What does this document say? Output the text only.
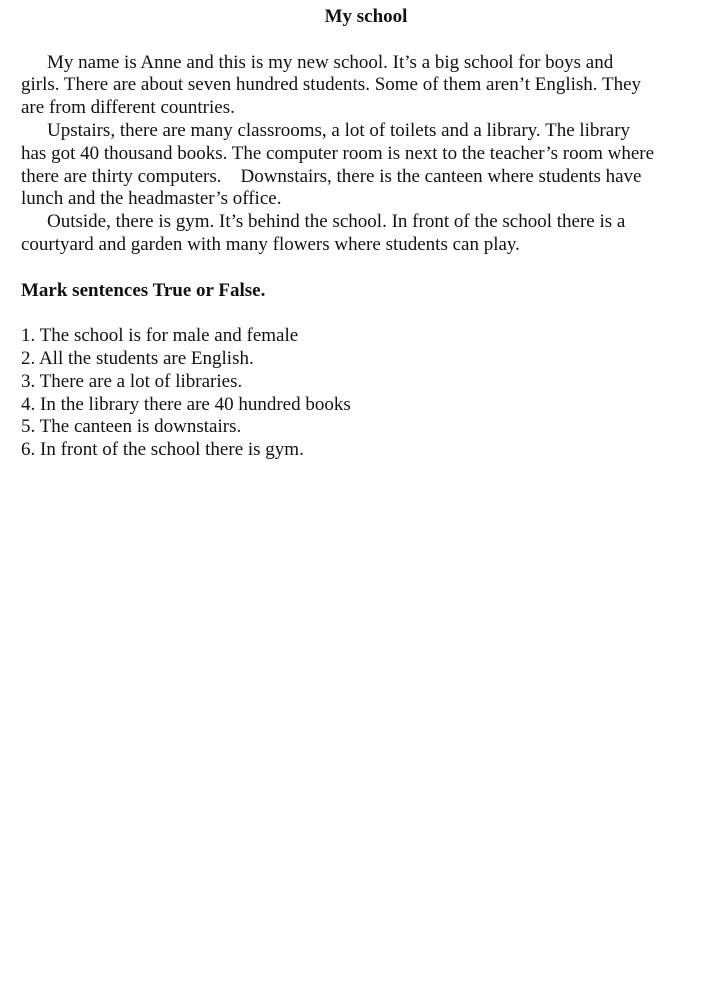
My school
My name is Anne and this is my new school. It’s a big school for boys and
girls. There are about seven hundred students. Some of them aren’t English. They
are from different countries.
Upstairs, there are many classrooms, a lot of toilets and a library. The library
has got 40 thousand books. The computer room is next to the teacher’s room where
there are thirty computers.    Downstairs, there is the canteen where students have
lunch and the headmaster’s office.
Outside, there is gym. It’s behind the school. In front of the school there is a
courtyard and garden with many flowers where students can play.
Mark sentences True or False.
1. The school is for male and female
2. All the students are English.
3. There are a lot of libraries.
4. In the library there are 40 hundred books
5. The canteen is downstairs.
6. In front of the school there is gym.
